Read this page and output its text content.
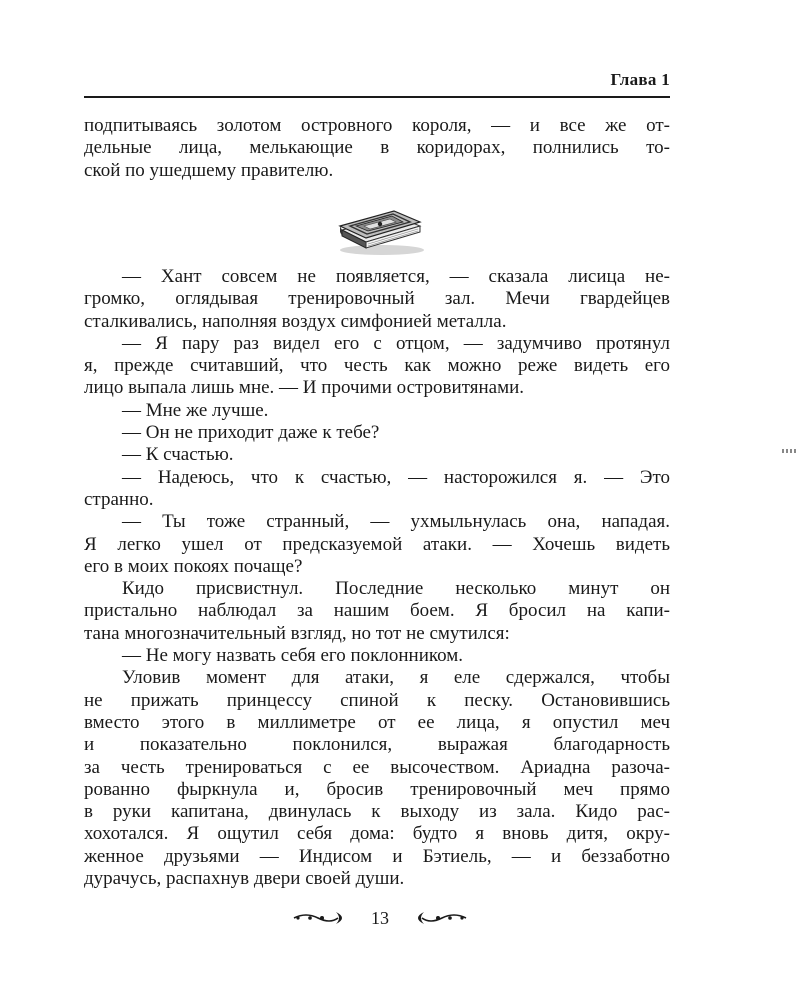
Глава 1
подпитываясь золотом островного короля, — и все же от-
дельные лица, мелькающие в коридорах, полнились то-
ской по ушедшему правителю.
— Хант совсем не появляется, — сказала лисица не-
громко, оглядывая тренировочный зал. Мечи гвардейцев
сталкивались, наполняя воздух симфонией металла.
— Я пару раз видел его с отцом, — задумчиво протянул
я, прежде считавший, что честь как можно реже видеть его
лицо выпала лишь мне. — И прочими островитянами.
— Мне же лучше.
— Он не приходит даже к тебе?
— К счастью.
— Надеюсь, что к счастью, — насторожился я. — Это
странно.
— Ты тоже странный, — ухмыльнулась она, нападая.
Я легко ушел от предсказуемой атаки. — Хочешь видеть
его в моих покоях почаще?
Кидо присвистнул. Последние несколько минут он
пристально наблюдал за нашим боем. Я бросил на капи-
тана многозначительный взгляд, но тот не смутился:
— Не могу назвать себя его поклонником.
Уловив момент для атаки, я еле сдержался, чтобы
не прижать принцессу спиной к песку. Остановившись
вместо этого в миллиметре от ее лица, я опустил меч
и показательно поклонился, выражая благодарность
за честь тренироваться с ее высочеством. Ариадна разоча-
рованно фыркнула и, бросив тренировочный меч прямо
в руки капитана, двинулась к выходу из зала. Кидо рас-
хохотался. Я ощутил себя дома: будто я вновь дитя, окру-
женное друзьями — Индисом и Бэтиель, — и беззаботно
дурачусь, распахнув двери своей души.
13
